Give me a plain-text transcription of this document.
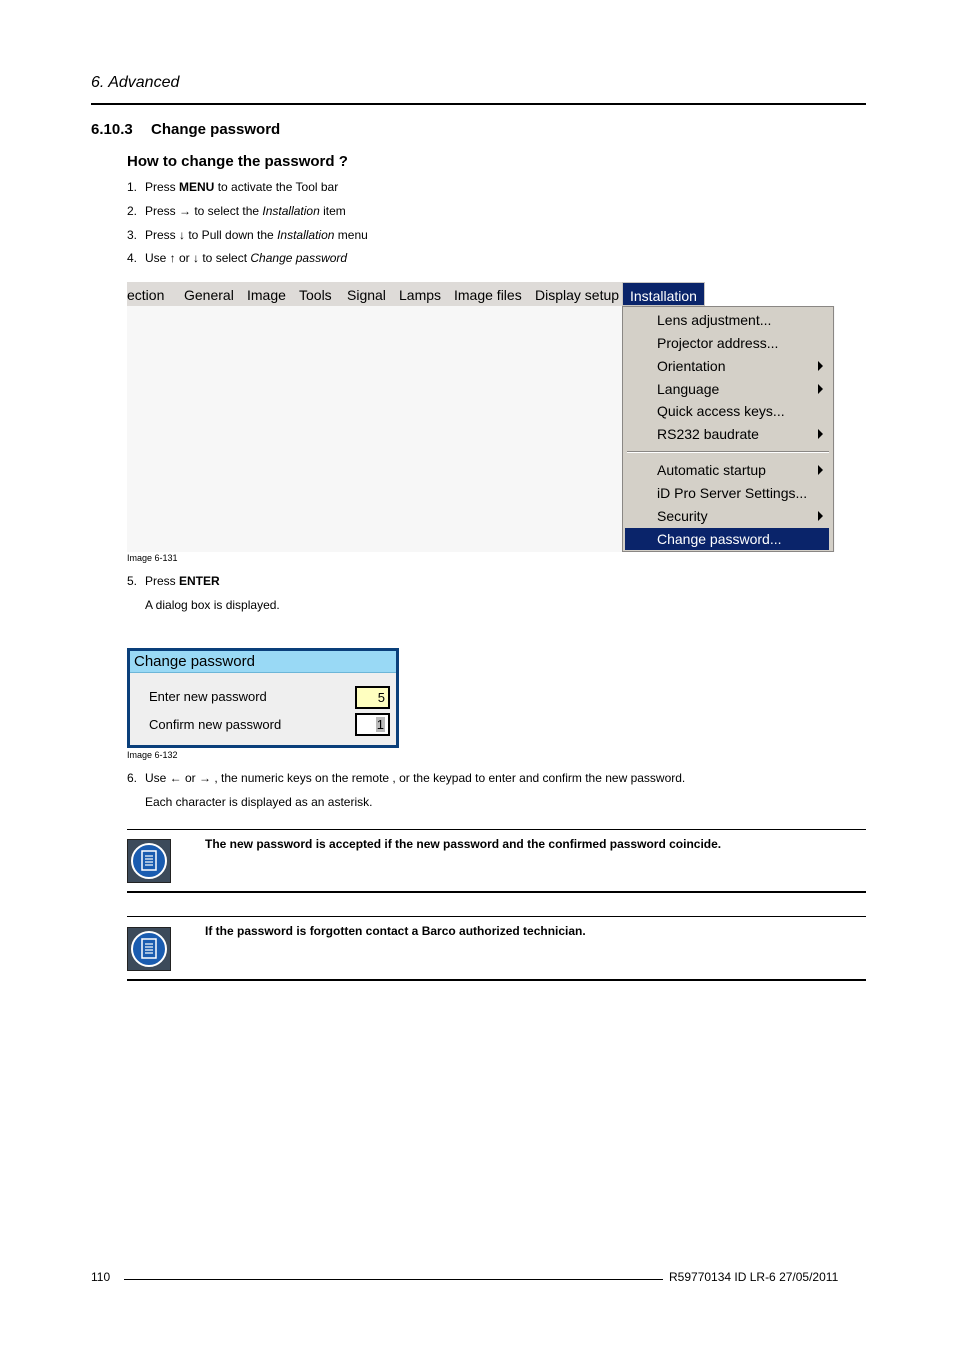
6. Advanced
6.10.3 Change password
How to change the password ?
1. Press MENU to activate the Tool bar
2. Press → to select the Installation item
3. Press ↓ to Pull down the Installation menu
4. Use ↑ or ↓ to select Change password
ection General Image Tools Signal Lamps Image files Display setup Installation
Lens adjustment...
Projector address...
Orientation
Language
Quick access keys...
RS232 baudrate
Automatic startup
iD Pro Server Settings...
Security
Change password...
Image 6-131
5. Press ENTER
A dialog box is displayed.
Change password
Enter new password	5
Confirm new password	1
Image 6-132
6. Use ← or → , the numeric keys on the remote , or the keypad to enter and confirm the new password.
Each character is displayed as an asterisk.
The new password is accepted if the new password and the confirmed password coincide.
If the password is forgotten contact a Barco authorized technician.
110	R59770134 ID LR-6 27/05/2011
